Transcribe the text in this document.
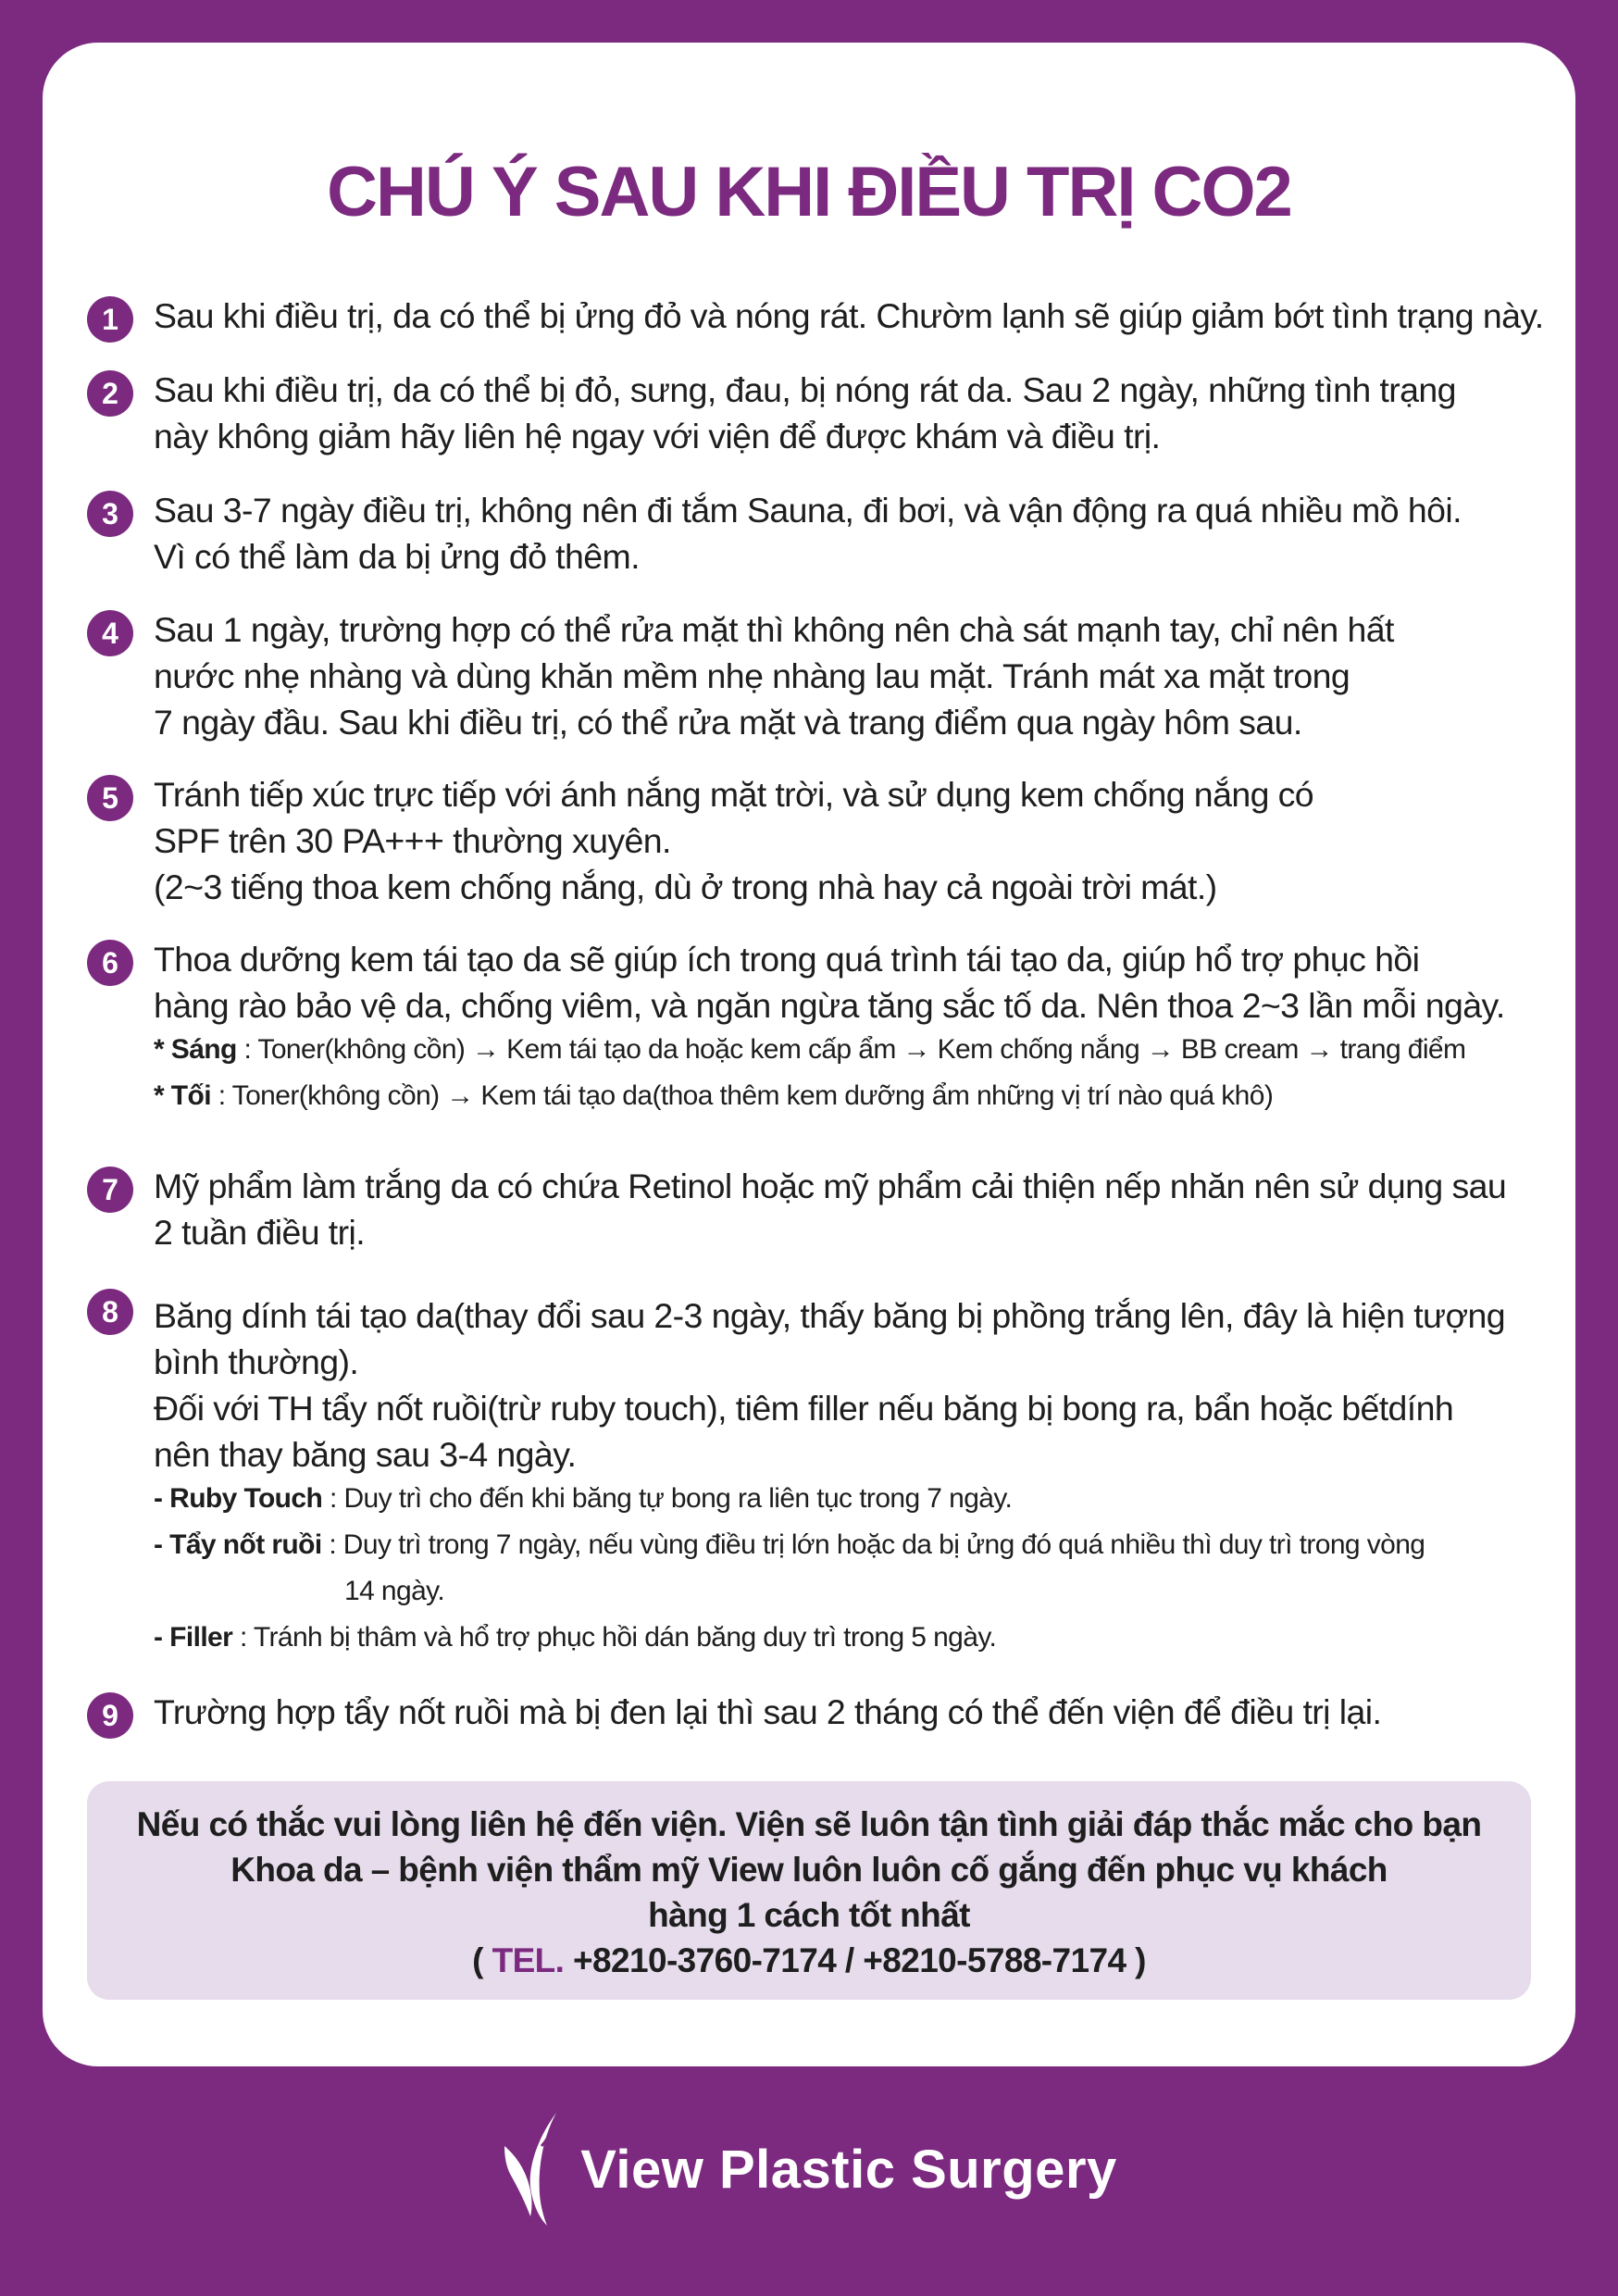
CHÚ Ý SAU KHI ĐIỀU TRỊ CO2
1	Sau khi điều trị, da có thể bị ửng đỏ và nóng rát. Chườm lạnh sẽ giúp giảm bớt tình trạng này.
2	Sau khi điều trị, da có thể bị đỏ, sưng, đau, bị nóng rát da. Sau 2 ngày, những tình trạng
này không giảm hãy liên hệ ngay với viện để được khám và điều trị.
3	Sau 3-7 ngày điều trị, không nên đi tắm Sauna, đi bơi, và vận động ra quá nhiều mồ hôi.
Vì có thể làm da bị ửng đỏ thêm.
4	Sau 1 ngày, trường hợp có thể rửa mặt thì không nên chà sát mạnh tay, chỉ nên hất
nước nhẹ nhàng và dùng khăn mềm nhẹ nhàng lau mặt. Tránh mát xa mặt trong
7 ngày đầu. Sau khi điều trị, có thể rửa mặt và trang điểm qua ngày hôm sau.
5	Tránh tiếp xúc trực tiếp với ánh nắng mặt trời, và sử dụng kem chống nắng có
SPF trên 30 PA+++ thường xuyên.
(2~3 tiếng thoa kem chống nắng, dù ở trong nhà hay cả ngoài trời mát.)
6	Thoa dưỡng kem tái tạo da sẽ giúp ích trong quá trình tái tạo da, giúp hổ trợ phục hồi
hàng rào bảo vệ da, chống viêm, và ngăn ngừa tăng sắc tố da. Nên thoa 2~3 lần mỗi ngày.
* Sáng : Toner(không cồn) → Kem tái tạo da hoặc kem cấp ẩm → Kem chống nắng → BB cream → trang điểm
* Tối : Toner(không cồn) → Kem tái tạo da(thoa thêm kem dưỡng ẩm những vị trí nào quá khô)
7	Mỹ phẩm làm trắng da có chứa Retinol hoặc mỹ phẩm cải thiện nếp nhăn nên sử dụng sau
2 tuần điều trị.
8	Băng dính tái tạo da(thay đổi sau 2-3 ngày, thấy băng bị phồng trắng lên, đây là hiện tượng
bình thường).
Đối với TH tẩy nốt ruồi(trừ ruby touch), tiêm filler nếu băng bị bong ra, bẩn hoặc bếtdính
nên thay băng sau 3-4 ngày.
- Ruby Touch : Duy trì cho đến khi băng tự bong ra liên tục trong 7 ngày.
- Tẩy nốt ruồi : Duy trì trong 7 ngày, nếu vùng điều trị lớn hoặc da bị ửng đó quá nhiều thì duy trì trong vòng
14 ngày.
- Filler : Tránh bị thâm và hổ trợ phục hồi dán băng duy trì trong 5 ngày.
9	Trường hợp tẩy nốt ruồi mà bị đen lại thì sau 2 tháng có thể đến viện để điều trị lại.
Nếu có thắc vui lòng liên hệ đến viện. Viện sẽ luôn tận tình giải đáp thắc mắc cho bạn
Khoa da – bệnh viện thẩm mỹ View luôn luôn cố gắng đến phục vụ khách
hàng 1 cách tốt nhất
( TEL. +8210-3760-7174 / +8210-5788-7174 )
View Plastic Surgery
